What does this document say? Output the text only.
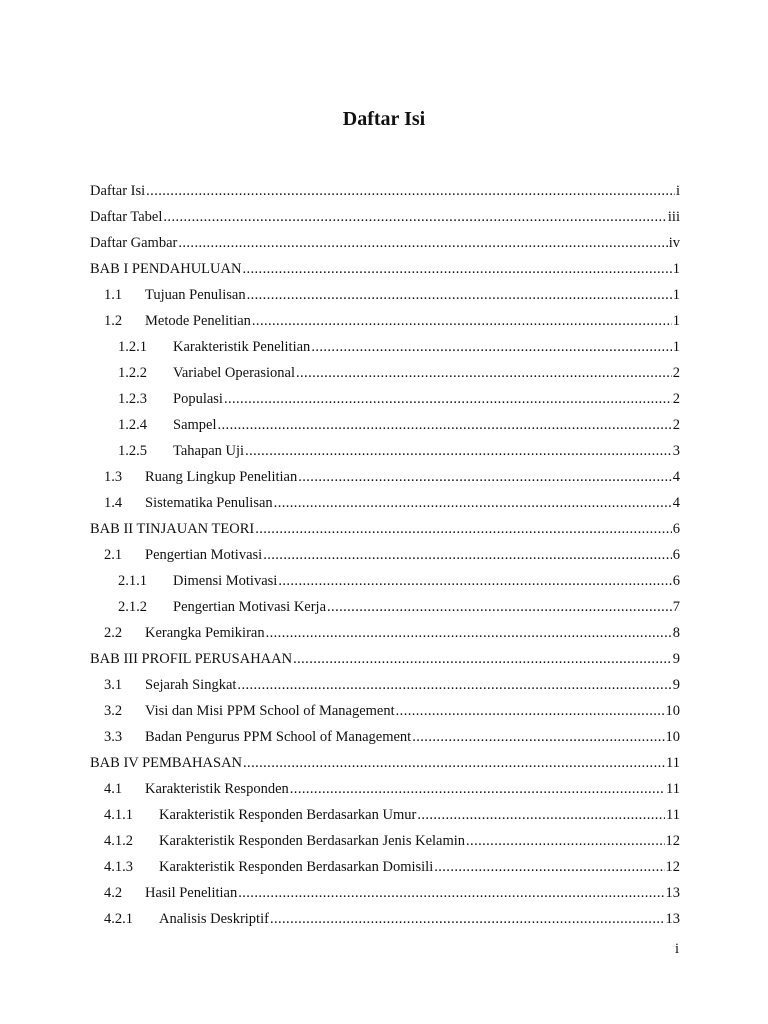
Daftar Isi
Daftar Isi .....	i
Daftar Tabel .....	iii
Daftar Gambar .....	iv
BAB I PENDAHULUAN .....	1
1.1	Tujuan Penulisan .....	1
1.2	Metode Penelitian .....	1
1.2.1	Karakteristik Penelitian .....	1
1.2.2	Variabel Operasional .....	2
1.2.3	Populasi .....	2
1.2.4	Sampel .....	2
1.2.5	Tahapan Uji .....	3
1.3	Ruang Lingkup Penelitian .....	4
1.4	Sistematika Penulisan .....	4
BAB II TINJAUAN TEORI .....	6
2.1	Pengertian Motivasi .....	6
2.1.1	Dimensi Motivasi .....	6
2.1.2	Pengertian Motivasi Kerja .....	7
2.2	Kerangka Pemikiran .....	8
BAB III PROFIL PERUSAHAAN .....	9
3.1	Sejarah Singkat .....	9
3.2	Visi dan Misi PPM School of Management .....	10
3.3	Badan Pengurus PPM School of Management .....	10
BAB IV PEMBAHASAN .....	11
4.1	Karakteristik Responden .....	11
4.1.1	Karakteristik Responden Berdasarkan Umur .....	11
4.1.2	Karakteristik Responden Berdasarkan Jenis Kelamin .....	12
4.1.3	Karakteristik Responden Berdasarkan Domisili .....	12
4.2	Hasil Penelitian .....	13
4.2.1	Analisis Deskriptif .....	13
i
